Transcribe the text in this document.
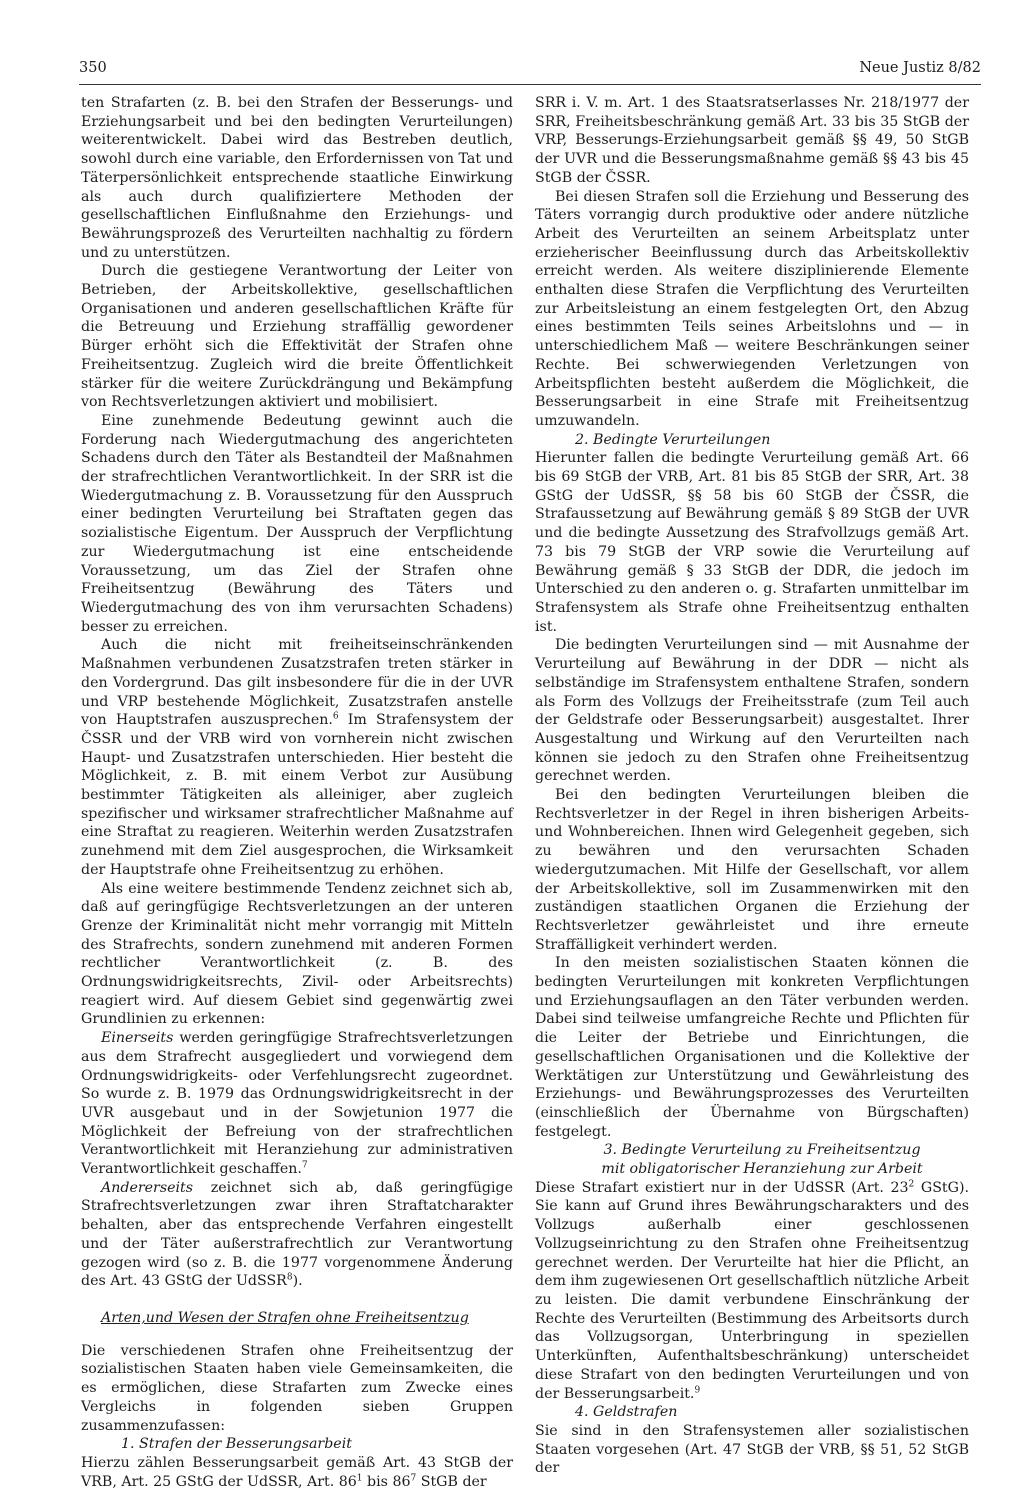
350	Neue Justiz 8/82

ten Strafarten (z. B. bei den Strafen der Besserungs- und Erziehungsarbeit und bei den bedingten Verurteilungen) weiterentwickelt. Dabei wird das Bestreben deutlich, sowohl durch eine variable, den Erfordernissen von Tat und Täterpersönlichkeit entsprechende staatliche Einwirkung als auch durch qualifiziertere Methoden der gesellschaftlichen Einflußnahme den Erziehungs- und Bewährungsprozeß des Verurteilten nachhaltig zu fördern und zu unterstützen.

Durch die gestiegene Verantwortung der Leiter von Betrieben, der Arbeitskollektive, gesellschaftlichen Organisationen und anderen gesellschaftlichen Kräfte für die Betreuung und Erziehung straffällig gewordener Bürger erhöht sich die Effektivität der Strafen ohne Freiheitsentzug. Zugleich wird die breite Öffentlichkeit stärker für die weitere Zurückdrängung und Bekämpfung von Rechtsverletzungen aktiviert und mobilisiert.

Eine zunehmende Bedeutung gewinnt auch die Forderung nach Wiedergutmachung des angerichteten Schadens durch den Täter als Bestandteil der Maßnahmen der strafrechtlichen Verantwortlichkeit. In der SRR ist die Wiedergutmachung z. B. Voraussetzung für den Ausspruch einer bedingten Verurteilung bei Straftaten gegen das sozialistische Eigentum. Der Ausspruch der Verpflichtung zur Wiedergutmachung ist eine entscheidende Voraussetzung, um das Ziel der Strafen ohne Freiheitsentzug (Bewährung des Täters und Wiedergutmachung des von ihm verursachten Schadens) besser zu erreichen.

Auch die nicht mit freiheitseinschränkenden Maßnahmen verbundenen Zusatzstrafen treten stärker in den Vordergrund. Das gilt insbesondere für die in der UVR und VRP bestehende Möglichkeit, Zusatzstrafen anstelle von Hauptstrafen auszusprechen.$^6$ Im Strafensystem der ČSSR und der VRB wird von vornherein nicht zwischen Haupt- und Zusatzstrafen unterschieden. Hier besteht die Möglichkeit, z. B. mit einem Verbot zur Ausübung bestimmter Tätigkeiten als alleiniger, aber zugleich spezifischer und wirksamer strafrechtlicher Maßnahme auf eine Straftat zu reagieren. Weiterhin werden Zusatzstrafen zunehmend mit dem Ziel ausgesprochen, die Wirksamkeit der Hauptstrafe ohne Freiheitsentzug zu erhöhen.

Als eine weitere bestimmende Tendenz zeichnet sich ab, daß auf geringfügige Rechtsverletzungen an der unteren Grenze der Kriminalität nicht mehr vorrangig mit Mitteln des Strafrechts, sondern zunehmend mit anderen Formen rechtlicher Verantwortlichkeit (z. B. des Ordnungswidrigkeitsrechts, Zivil- oder Arbeitsrechts) reagiert wird. Auf diesem Gebiet sind gegenwärtig zwei Grundlinien zu erkennen:

Einerseits werden geringfügige Strafrechtsverletzungen aus dem Strafrecht ausgegliedert und vorwiegend dem Ordnungswidrigkeits- oder Verfehlungsrecht zugeordnet. So wurde z. B. 1979 das Ordnungswidrigkeitsrecht in der UVR ausgebaut und in der Sowjetunion 1977 die Möglichkeit der Befreiung von der strafrechtlichen Verantwortlichkeit mit Heranziehung zur administrativen Verantwortlichkeit geschaffen.$^7$

Andererseits zeichnet sich ab, daß geringfügige Strafrechtsverletzungen zwar ihren Straftatcharakter behalten, aber das entsprechende Verfahren eingestellt und der Täter außerstrafrechtlich zur Verantwortung gezogen wird (so z. B. die 1977 vorgenommene Änderung des Art. 43 GStG der UdSSR$^8$).

Arten,und Wesen der Strafen ohne Freiheitsentzug

Die verschiedenen Strafen ohne Freiheitsentzug der sozialistischen Staaten haben viele Gemeinsamkeiten, die es ermöglichen, diese Strafarten zum Zwecke eines Vergleichs in folgenden sieben Gruppen zusammenzufassen:

1. Strafen der Besserungsarbeit

Hierzu zählen Besserungsarbeit gemäß Art. 43 StGB der VRB, Art. 25 GStG der UdSSR, Art. $86^1$ bis $86^7$ StGB der

SRR i. V. m. Art. 1 des Staatsratserlasses Nr. 218/1977 der SRR, Freiheitsbeschränkung gemäß Art. 33 bis 35 StGB der VRP, Besserungs-Erziehungsarbeit gemäß §§ 49, 50 StGB der UVR und die Besserungsmaßnahme gemäß §§ 43 bis 45 StGB der ČSSR.

Bei diesen Strafen soll die Erziehung und Besserung des Täters vorrangig durch produktive oder andere nützliche Arbeit des Verurteilten an seinem Arbeitsplatz unter erzieherischer Beeinflussung durch das Arbeitskollektiv erreicht werden. Als weitere disziplinierende Elemente enthalten diese Strafen die Verpflichtung des Verurteilten zur Arbeitsleistung an einem festgelegten Ort, den Abzug eines bestimmten Teils seines Arbeitslohns und — in unterschiedlichem Maß — weitere Beschränkungen seiner Rechte. Bei schwerwiegenden Verletzungen von Arbeitspflichten besteht außerdem die Möglichkeit, die Besserungsarbeit in eine Strafe mit Freiheitsentzug umzuwandeln.

2. Bedingte Verurteilungen

Hierunter fallen die bedingte Verurteilung gemäß Art. 66 bis 69 StGB der VRB, Art. 81 bis 85 StGB der SRR, Art. 38 GStG der UdSSR, §§ 58 bis 60 StGB der ČSSR, die Strafaussetzung auf Bewährung gemäß § 89 StGB der UVR und die bedingte Aussetzung des Strafvollzugs gemäß Art. 73 bis 79 StGB der VRP sowie die Verurteilung auf Bewährung gemäß § 33 StGB der DDR, die jedoch im Unterschied zu den anderen o. g. Strafarten unmittelbar im Strafensystem als Strafe ohne Freiheitsentzug enthalten ist.

Die bedingten Verurteilungen sind — mit Ausnahme der Verurteilung auf Bewährung in der DDR — nicht als selbständige im Strafensystem enthaltene Strafen, sondern als Form des Vollzugs der Freiheitsstrafe (zum Teil auch der Geldstrafe oder Besserungsarbeit) ausgestaltet. Ihrer Ausgestaltung und Wirkung auf den Verurteilten nach können sie jedoch zu den Strafen ohne Freiheitsentzug gerechnet werden.

Bei den bedingten Verurteilungen bleiben die Rechtsverletzer in der Regel in ihren bisherigen Arbeits- und Wohnbereichen. Ihnen wird Gelegenheit gegeben, sich zu bewähren und den verursachten Schaden wiedergutzumachen. Mit Hilfe der Gesellschaft, vor allem der Arbeitskollektive, soll im Zusammenwirken mit den zuständigen staatlichen Organen die Erziehung der Rechtsverletzer gewährleistet und ihre erneute Straffälligkeit verhindert werden.

In den meisten sozialistischen Staaten können die bedingten Verurteilungen mit konkreten Verpflichtungen und Erziehungsauflagen an den Täter verbunden werden. Dabei sind teilweise umfangreiche Rechte und Pflichten für die Leiter der Betriebe und Einrichtungen, die gesellschaftlichen Organisationen und die Kollektive der Werktätigen zur Unterstützung und Gewährleistung des Erziehungs- und Bewährungsprozesses des Verurteilten (einschließlich der Übernahme von Bürgschaften) festgelegt.

3. Bedingte Verurteilung zu Freiheitsentzug

mit obligatorischer Heranziehung zur Arbeit

Diese Strafart existiert nur in der UdSSR (Art. $23^2$ GStG). Sie kann auf Grund ihres Bewährungscharakters und des Vollzugs außerhalb einer geschlossenen Vollzugseinrichtung zu den Strafen ohne Freiheitsentzug gerechnet werden. Der Verurteilte hat hier die Pflicht, an dem ihm zugewiesenen Ort gesellschaftlich nützliche Arbeit zu leisten. Die damit verbundene Einschränkung der Rechte des Verurteilten (Bestimmung des Arbeitsorts durch das Vollzugsorgan, Unterbringung in speziellen Unterkünften, Aufenthaltsbeschränkung) unterscheidet diese Strafart von den bedingten Verurteilungen und von der Besserungsarbeit.$^9$

4. Geldstrafen

Sie sind in den Strafensystemen aller sozialistischen Staaten vorgesehen (Art. 47 StGB der VRB, §§ 51, 52 StGB der
